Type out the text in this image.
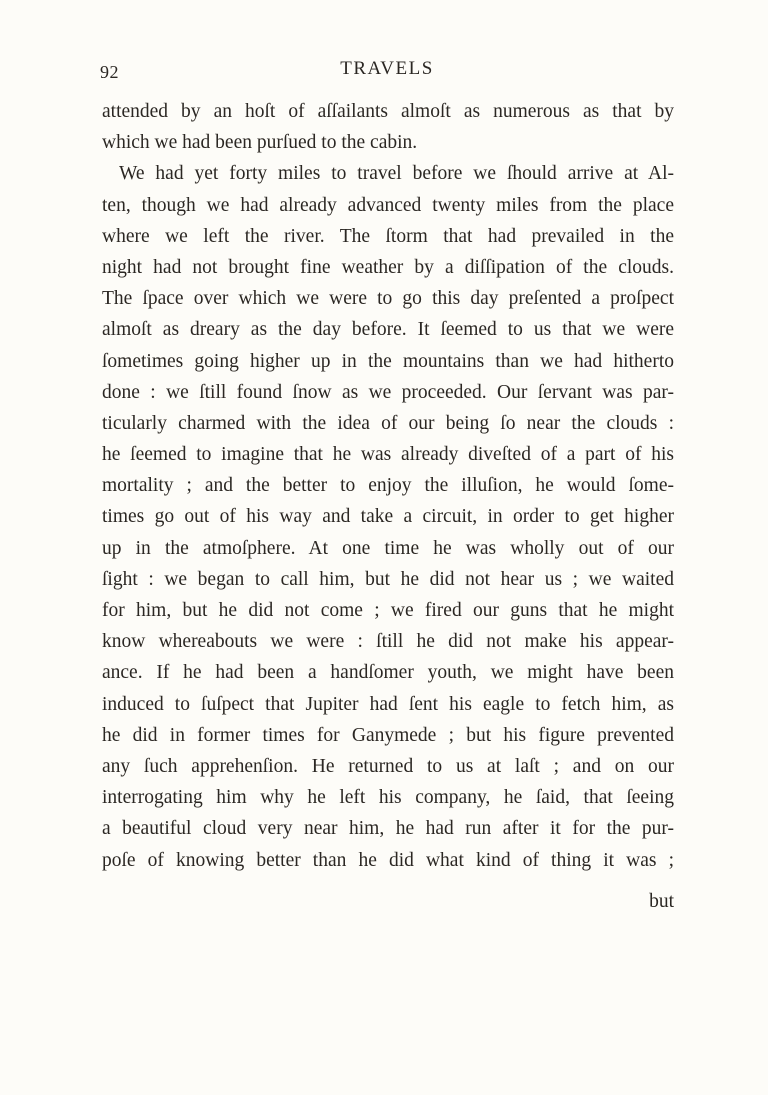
92	TRAVELS
attended by an hoſt of aſſailants almoſt as numerous as that by
which we had been purſued to the cabin.
We had yet forty miles to travel before we ſhould arrive at Al-
ten, though we had already advanced twenty miles from the place
where we left the river. The ſtorm that had prevailed in the
night had not brought fine weather by a diſſipation of the clouds.
The ſpace over which we were to go this day preſented a proſpect
almoſt as dreary as the day before. It ſeemed to us that we were
ſometimes going higher up in the mountains than we had hitherto
done : we ſtill found ſnow as we proceeded. Our ſervant was par-
ticularly charmed with the idea of our being ſo near the clouds :
he ſeemed to imagine that he was already diveſted of a part of his
mortality ; and the better to enjoy the illuſion, he would ſome-
times go out of his way and take a circuit, in order to get higher
up in the atmoſphere. At one time he was wholly out of our
ſight : we began to call him, but he did not hear us ; we waited
for him, but he did not come ; we fired our guns that he might
know whereabouts we were : ſtill he did not make his appear-
ance. If he had been a handſomer youth, we might have been
induced to ſuſpect that Jupiter had ſent his eagle to fetch him, as
he did in former times for Ganymede ; but his figure prevented
any ſuch apprehenſion. He returned to us at laſt ; and on our
interrogating him why he left his company, he ſaid, that ſeeing
a beautiful cloud very near him, he had run after it for the pur-
poſe of knowing better than he did what kind of thing it was ;
but
